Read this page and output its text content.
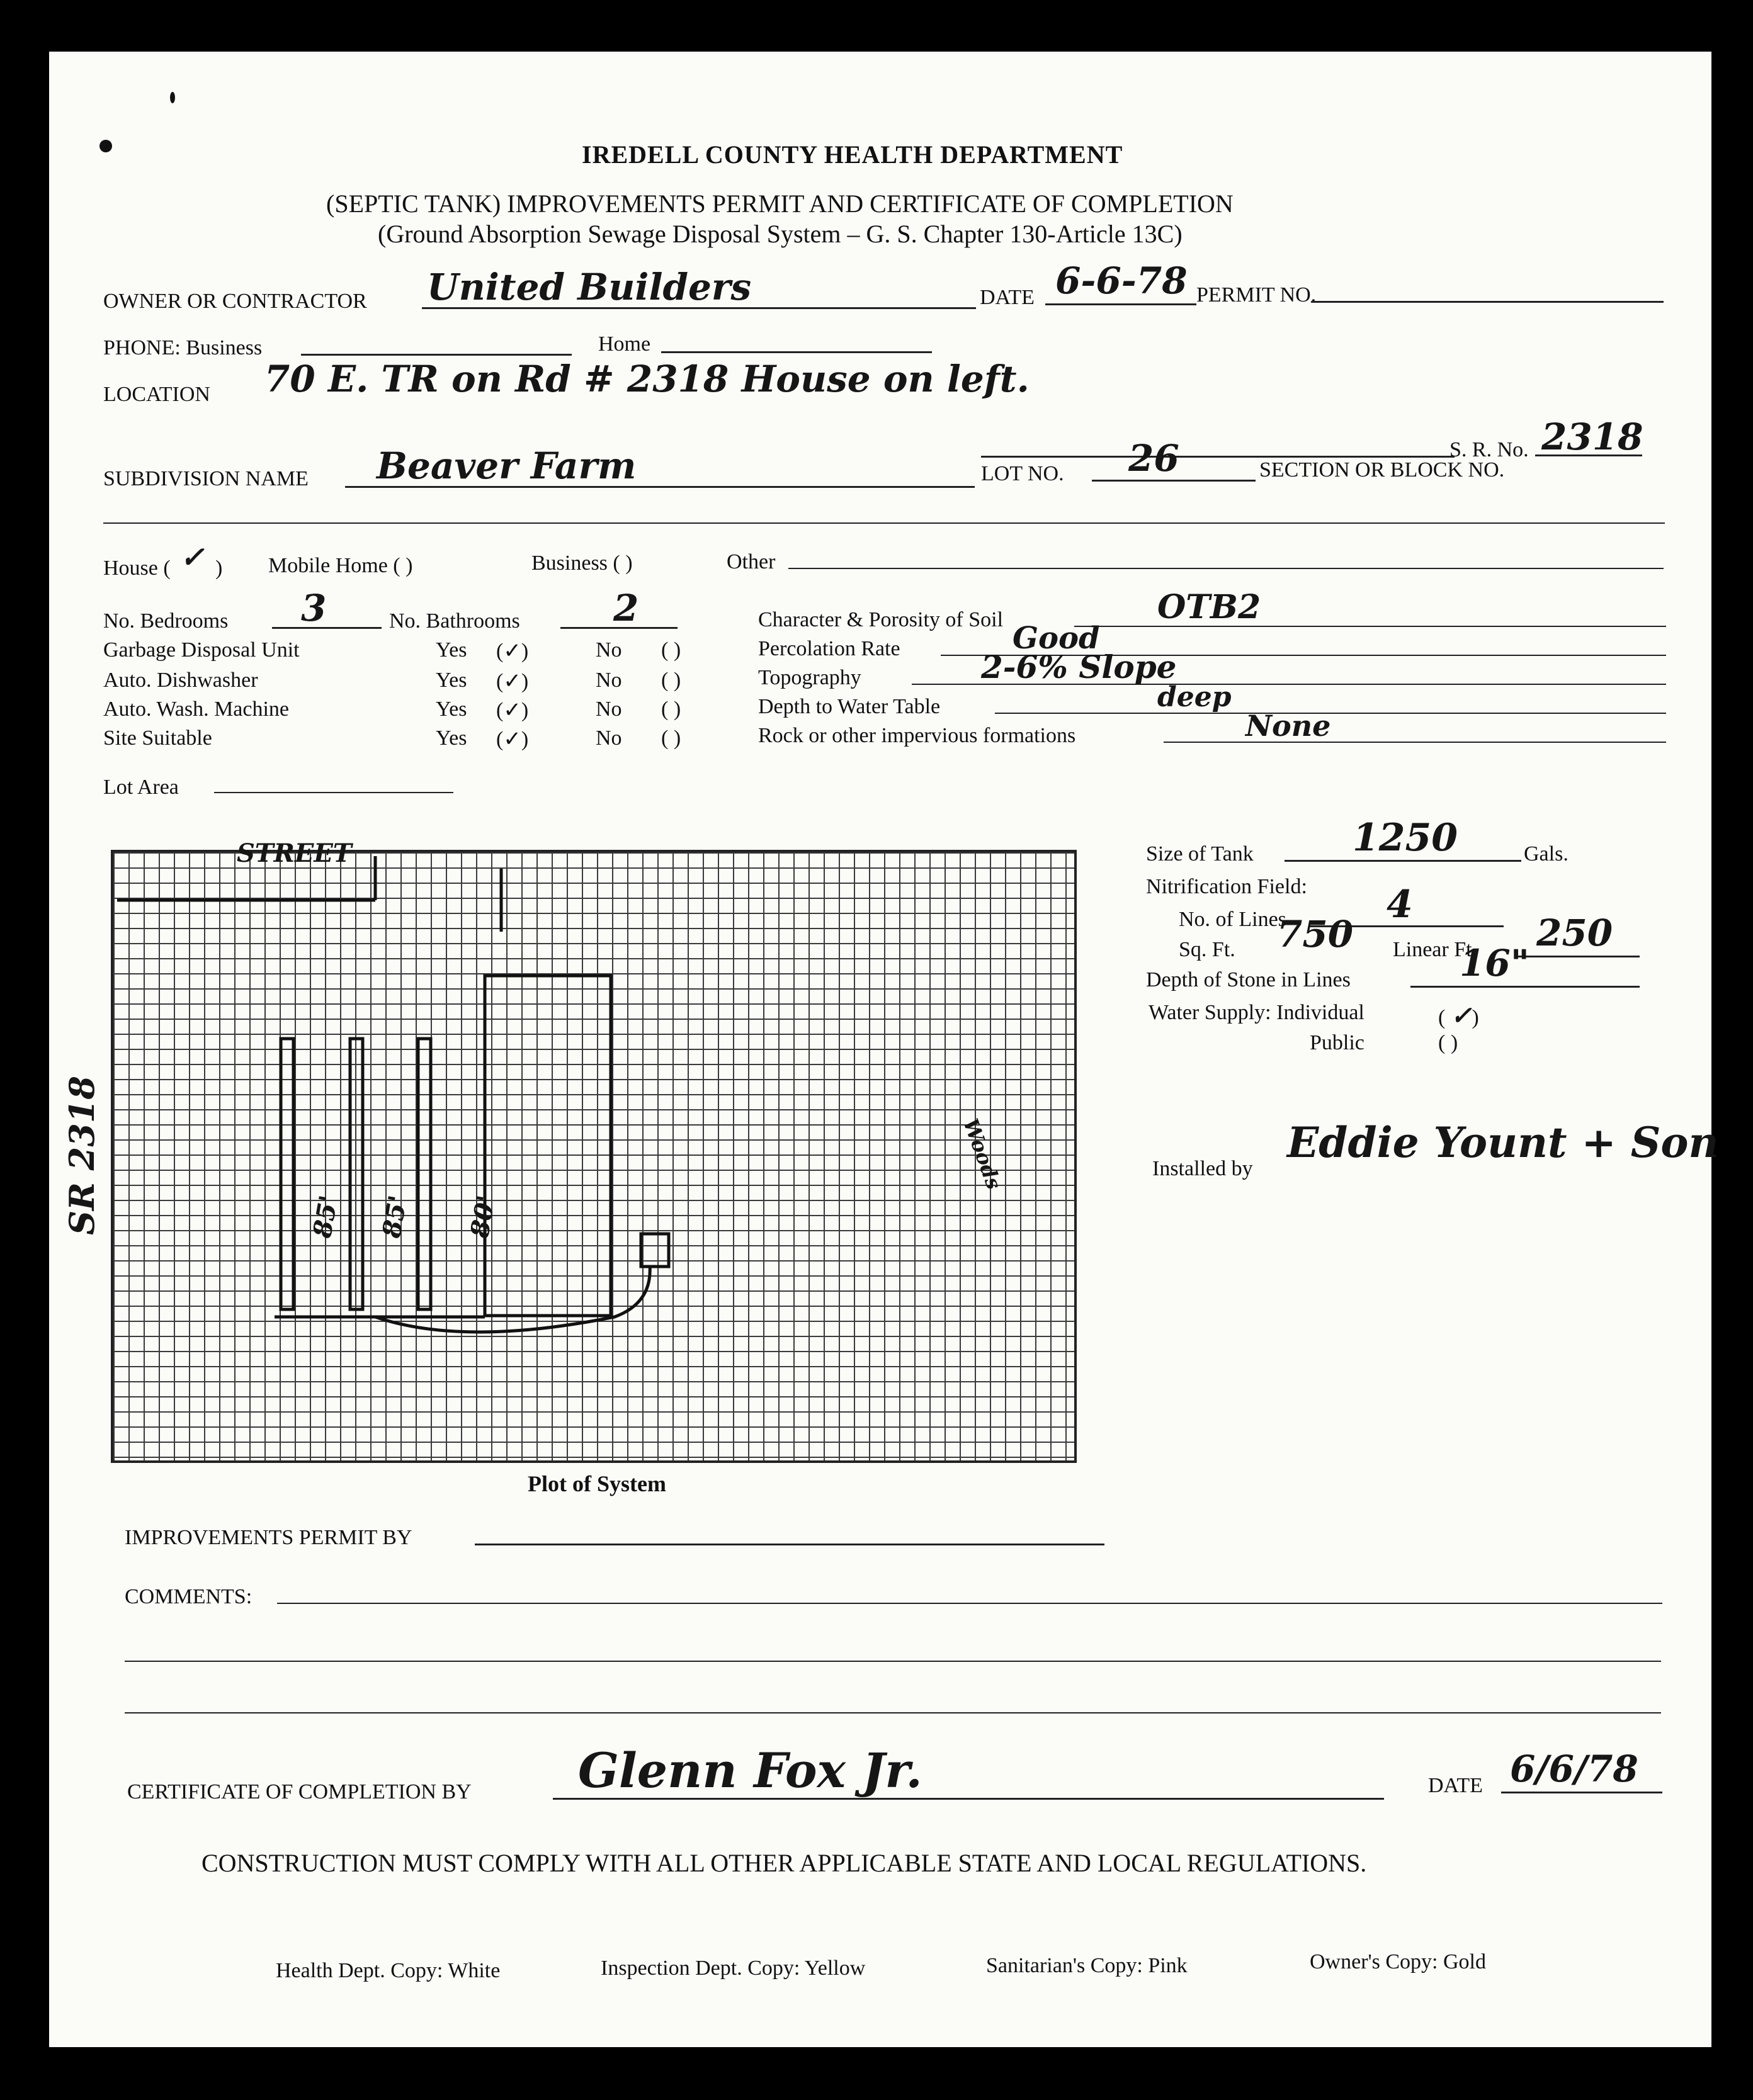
IREDELL COUNTY HEALTH DEPARTMENT
(SEPTIC TANK) IMPROVEMENTS PERMIT AND CERTIFICATE OF COMPLETION
(Ground Absorption Sewage Disposal System – G. S. Chapter 130-Article 13C)
OWNER OR CONTRACTOR United Builders	DATE 6-6-78 PERMIT NO.
PHONE: Business	Home
LOCATION 70 E. TR on Rd # 2318 House on left.
S. R. No. 2318
SUBDIVISION NAME Beaver Farm	LOT NO. 26	SECTION OR BLOCK NO.
House ( ✓ ) Mobile Home ( )	Business ( )	Other
No. Bedrooms 3	No. Bathrooms	2
Garbage Disposal Unit	Yes (✓)	No ( )
Auto. Dishwasher	Yes (✓)	No ( )
Auto. Wash. Machine	Yes (✓)	No ( )
Site Suitable	Yes (✓)	No ( )
Character & Porosity of Soil	OTB2
Percolation Rate	Good
Topography	2-6% Slope
Depth to Water Table	deep
Rock or other impervious formations	None
Lot Area
STREET
SR 2318	85' 85' 80'
Woods
Plot of System
Size of Tank	1250	Gals.
Nitrification Field:
No. of Lines	4
Sq. Ft. 750 Linear Ft. 250
Depth of Stone in Lines	16"
Water Supply: Individual	( ✓)
Public	( )
Installed by
Eddie Yount + Son
IMPROVEMENTS PERMIT BY
COMMENTS:
CERTIFICATE OF COMPLETION BY Glenn Fox Jr.	DATE 6/6/78
CONSTRUCTION MUST COMPLY WITH ALL OTHER APPLICABLE STATE AND LOCAL REGULATIONS.
Health Dept. Copy: White	Inspection Dept. Copy: Yellow	Sanitarian's Copy: Pink	Owner's Copy: Gold
